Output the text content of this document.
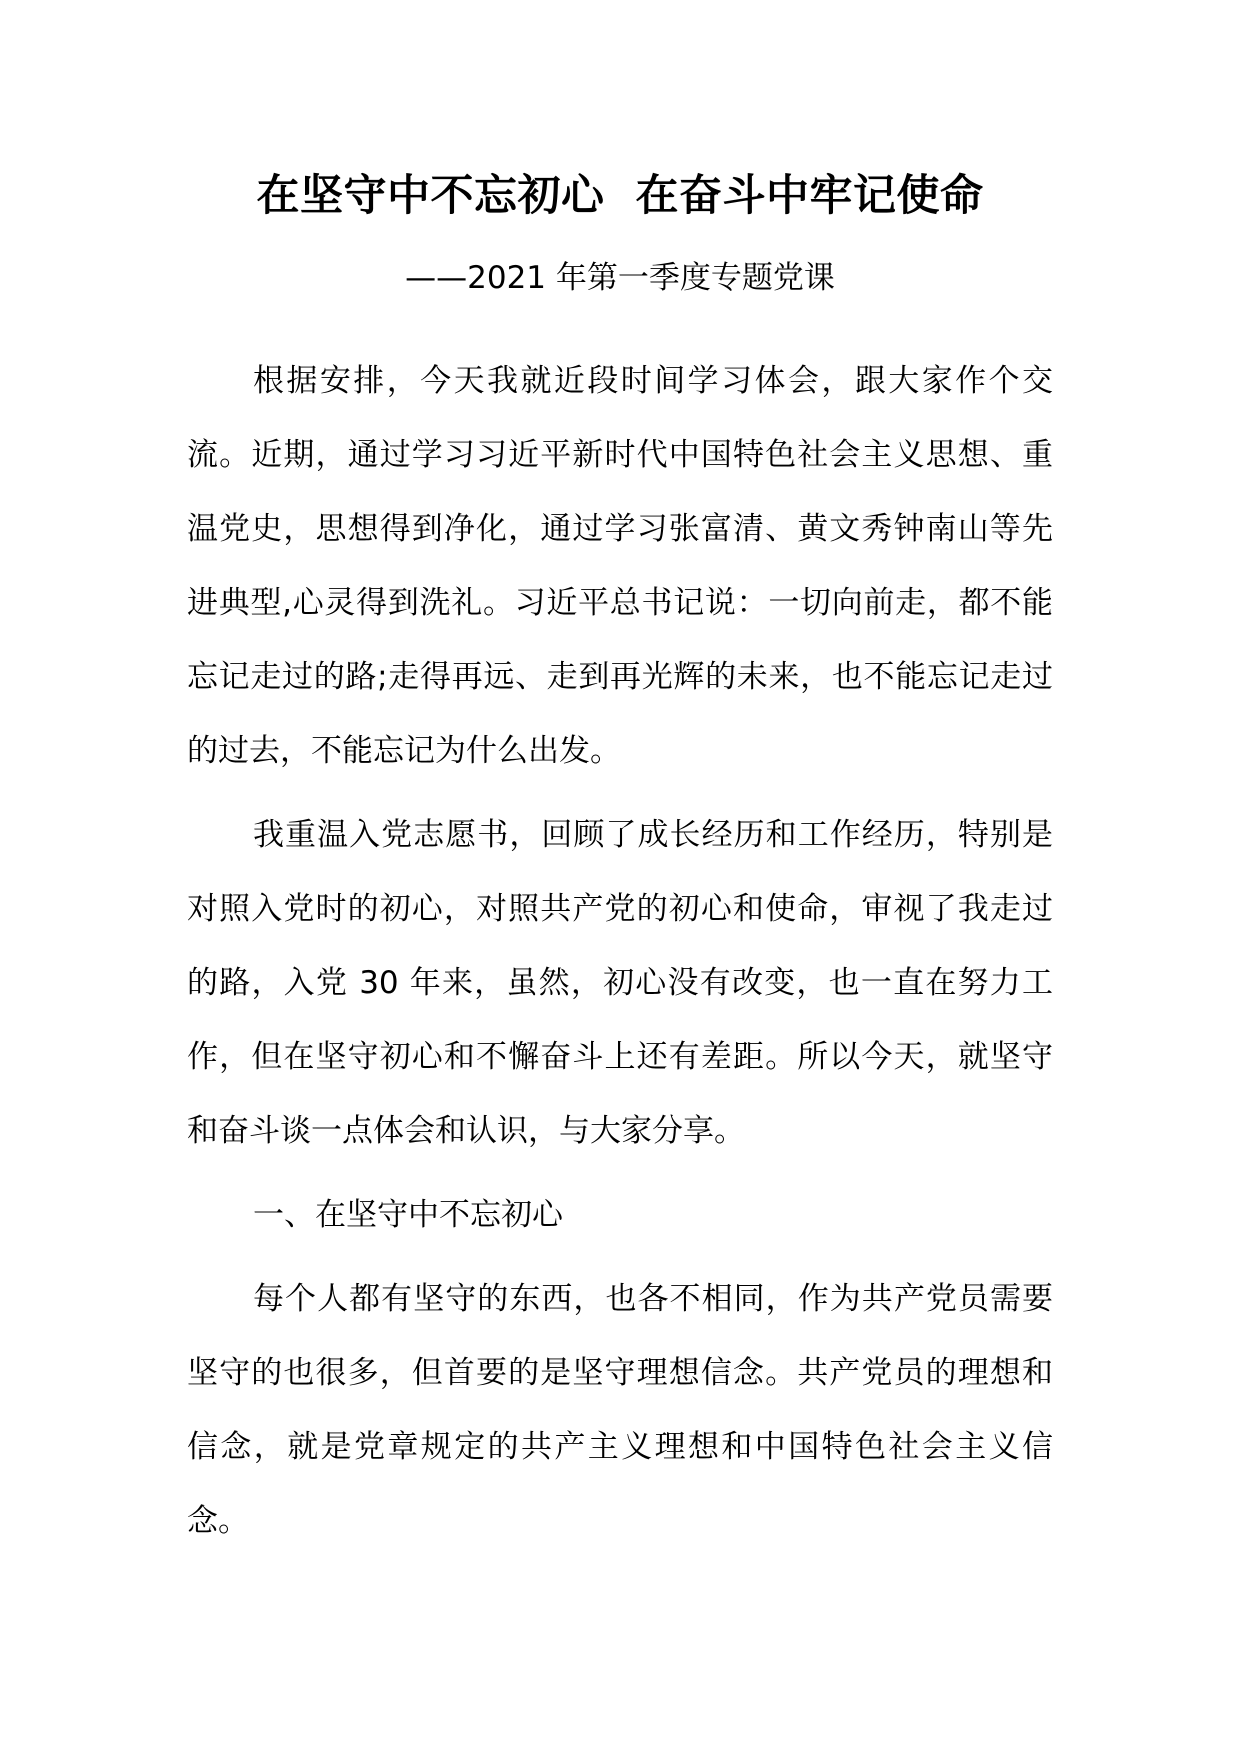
在坚守中不忘初心  在奋斗中牢记使命
——2021 年第一季度专题党课

根据安排，今天我就近段时间学习体会，跟大家作个交流。近期，通过学习习近平新时代中国特色社会主义思想、重温党史，思想得到净化，通过学习张富清、黄文秀钟南山等先进典型,心灵得到洗礼。习近平总书记说：一切向前走，都不能忘记走过的路;走得再远、走到再光辉的未来，也不能忘记走过的过去，不能忘记为什么出发。

我重温入党志愿书，回顾了成长经历和工作经历，特别是对照入党时的初心，对照共产党的初心和使命，审视了我走过的路，入党 30 年来，虽然，初心没有改变，也一直在努力工作，但在坚守初心和不懈奋斗上还有差距。所以今天，就坚守和奋斗谈一点体会和认识，与大家分享。

一、在坚守中不忘初心

每个人都有坚守的东西，也各不相同，作为共产党员需要坚守的也很多，但首要的是坚守理想信念。共产党员的理想和信念，就是党章规定的共产主义理想和中国特色社会主义信念。
